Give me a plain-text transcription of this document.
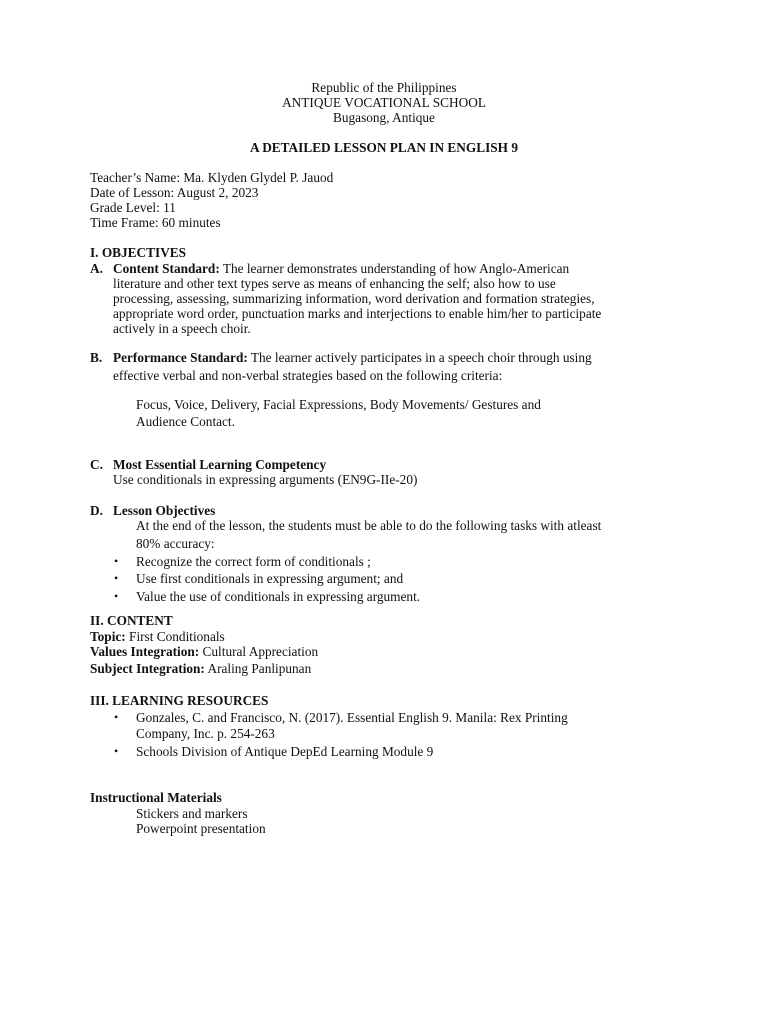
Republic of the Philippines
ANTIQUE VOCATIONAL SCHOOL
Bugasong, Antique
A DETAILED LESSON PLAN IN ENGLISH 9
Teacher’s Name: Ma. Klyden Glydel P. Jauod
Date of Lesson: August 2, 2023
Grade Level: 11
Time Frame: 60 minutes
I. OBJECTIVES
A. Content Standard: The learner demonstrates understanding of how Anglo-American
literature and other text types serve as means of enhancing the self; also how to use
processing, assessing, summarizing information, word derivation and formation strategies,
appropriate word order, punctuation marks and interjections to enable him/her to participate
actively in a speech choir.
B. Performance Standard: The learner actively participates in a speech choir through using
effective verbal and non-verbal strategies based on the following criteria:
Focus, Voice, Delivery, Facial Expressions, Body Movements/ Gestures and
Audience Contact.
C. Most Essential Learning Competency
Use conditionals in expressing arguments (EN9G-IIe-20)
D. Lesson Objectives
At the end of the lesson, the students must be able to do the following tasks with atleast
80% accuracy:
• Recognize the correct form of conditionals ;
• Use first conditionals in expressing argument; and
• Value the use of conditionals in expressing argument.
II. CONTENT
Topic: First Conditionals
Values Integration: Cultural Appreciation
Subject Integration: Araling Panlipunan
III. LEARNING RESOURCES
• Gonzales, C. and Francisco, N. (2017). Essential English 9. Manila: Rex Printing
Company, Inc. p. 254-263
• Schools Division of Antique DepEd Learning Module 9
Instructional Materials
Stickers and markers
Powerpoint presentation
